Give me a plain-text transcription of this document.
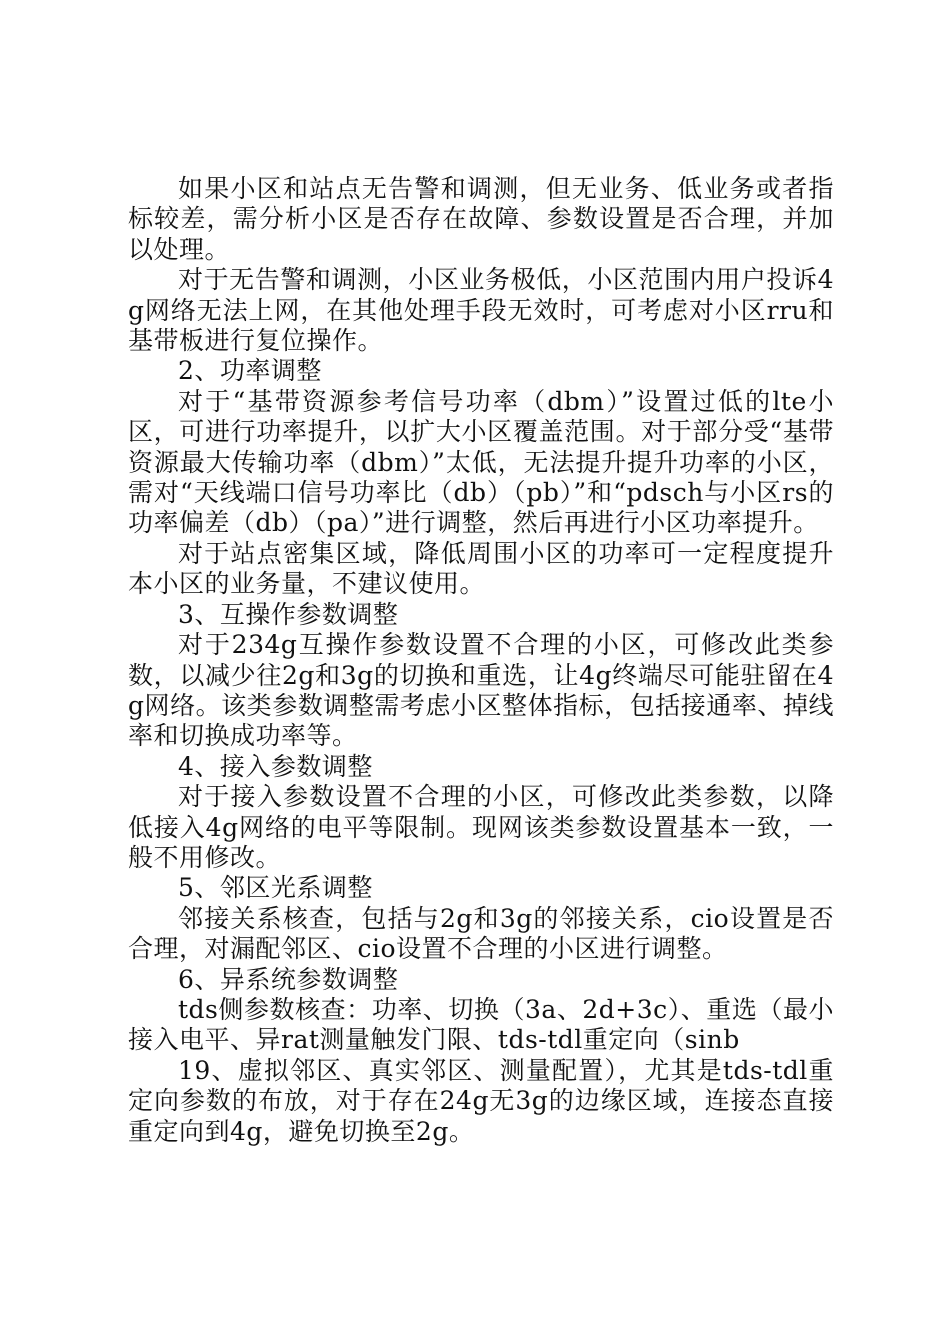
如果小区和站点无告警和调测，但无业务、低业务或者指标较差，需分析小区是否存在故障、参数设置是否合理，并加以处理。

对于无告警和调测，小区业务极低，小区范围内用户投诉4g网络无法上网，在其他处理手段无效时，可考虑对小区rru和基带板进行复位操作。

2、功率调整

对于“基带资源参考信号功率（dbm）”设置过低的lte小区，可进行功率提升，以扩大小区覆盖范围。对于部分受“基带资源最大传输功率（dbm）”太低，无法提升提升功率的小区，需对“天线端口信号功率比（db）（pb）”和“pdsch与小区rs的功率偏差（db）（pa）”进行调整，然后再进行小区功率提升。

对于站点密集区域，降低周围小区的功率可一定程度提升本小区的业务量，不建议使用。

3、互操作参数调整

对于234g互操作参数设置不合理的小区，可修改此类参数，以减少往2g和3g的切换和重选，让4g终端尽可能驻留在4g网络。该类参数调整需考虑小区整体指标，包括接通率、掉线率和切换成功率等。

4、接入参数调整

对于接入参数设置不合理的小区，可修改此类参数，以降低接入4g网络的电平等限制。现网该类参数设置基本一致，一般不用修改。

5、邻区光系调整

邻接关系核查，包括与2g和3g的邻接关系，cio设置是否合理，对漏配邻区、cio设置不合理的小区进行调整。

6、异系统参数调整

tds侧参数核查：功率、切换（3a、2d+3c）、重选（最小接入电平、异rat测量触发门限、tds-tdl重定向（sinb

19、虚拟邻区、真实邻区、测量配置），尤其是tds-tdl重定向参数的布放，对于存在24g无3g的边缘区域，连接态直接重定向到4g，避免切换至2g。
